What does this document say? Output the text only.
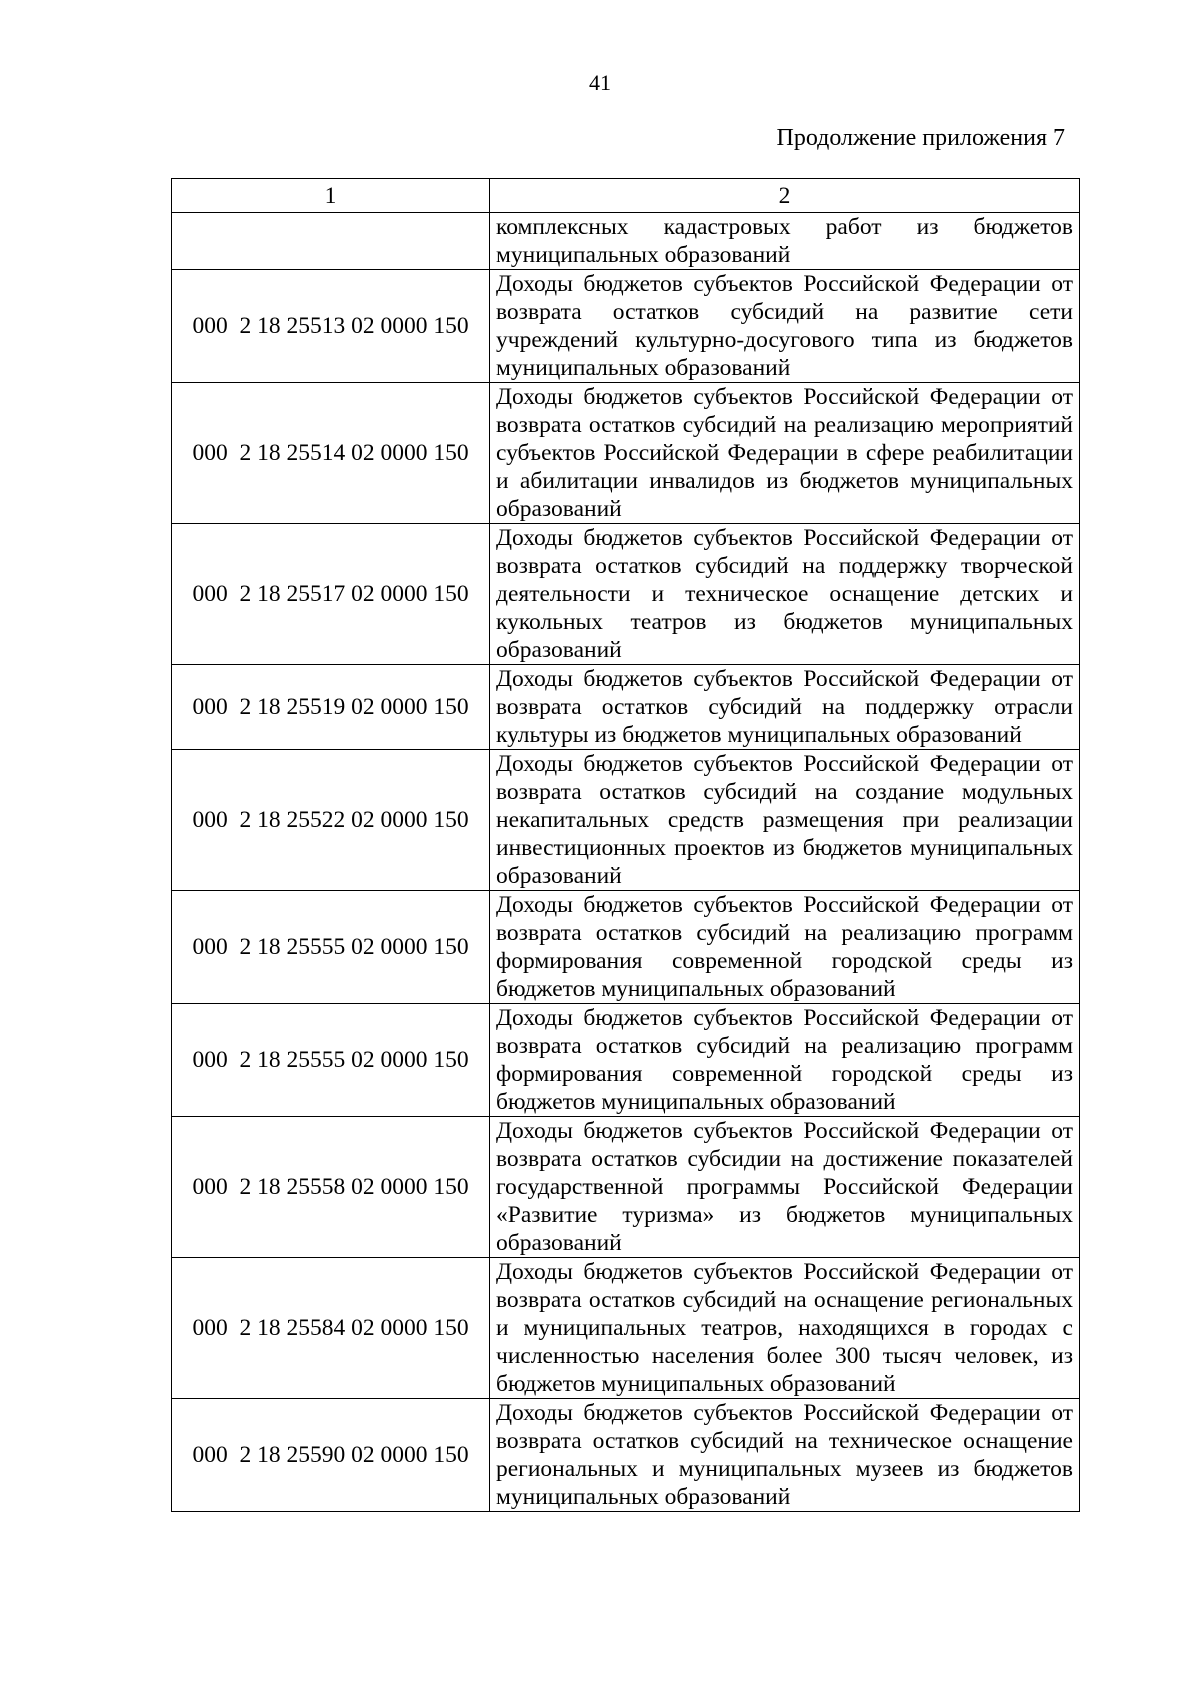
41
Продолжение приложения 7
1	2
	комплексных кадастровых работ из бюджетов муниципальных образований
000  2 18 25513 02 0000 150	Доходы бюджетов субъектов Российской Федерации от возврата остатков субсидий на развитие сети учреждений культурно-досугового типа из бюджетов муниципальных образований
000  2 18 25514 02 0000 150	Доходы бюджетов субъектов Российской Федерации от возврата остатков субсидий на реализацию мероприятий субъектов Российской Федерации в сфере реабилитации и абилитации инвалидов из бюджетов муниципальных образований
000  2 18 25517 02 0000 150	Доходы бюджетов субъектов Российской Федерации от возврата остатков субсидий на поддержку творческой деятельности и техническое оснащение детских и кукольных театров из бюджетов муниципальных образований
000  2 18 25519 02 0000 150	Доходы бюджетов субъектов Российской Федерации от возврата остатков субсидий на поддержку отрасли культуры из бюджетов муниципальных образований
000  2 18 25522 02 0000 150	Доходы бюджетов субъектов Российской Федерации от возврата остатков субсидий на создание модульных некапитальных средств размещения при реализации инвестиционных проектов из бюджетов муниципальных образований
000  2 18 25555 02 0000 150	Доходы бюджетов субъектов Российской Федерации от возврата остатков субсидий на реализацию программ формирования современной городской среды из бюджетов муниципальных образований
000  2 18 25555 02 0000 150	Доходы бюджетов субъектов Российской Федерации от возврата остатков субсидий на реализацию программ формирования современной городской среды из бюджетов муниципальных образований
000  2 18 25558 02 0000 150	Доходы бюджетов субъектов Российской Федерации от возврата остатков субсидии на достижение показателей государственной программы Российской Федерации «Развитие туризма» из бюджетов муниципальных образований
000  2 18 25584 02 0000 150	Доходы бюджетов субъектов Российской Федерации от возврата остатков субсидий на оснащение региональных и муниципальных театров, находящихся в городах с численностью населения более 300 тысяч человек, из бюджетов муниципальных образований
000  2 18 25590 02 0000 150	Доходы бюджетов субъектов Российской Федерации от возврата остатков субсидий на техническое оснащение региональных и муниципальных музеев из бюджетов муниципальных образований
